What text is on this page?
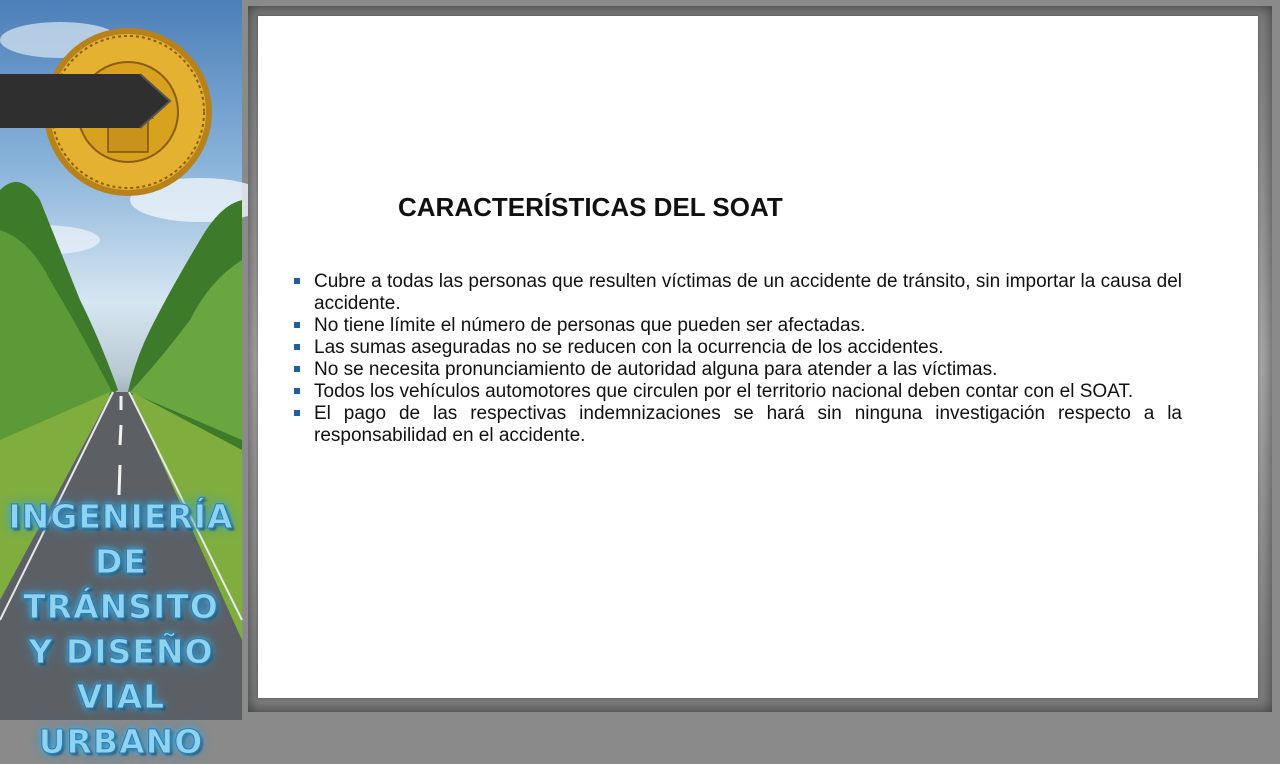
INGENIERÍA
DE TRÁNSITO
Y DISEÑO
VIAL
URBANO
CARACTERÍSTICAS DEL SOAT
Cubre a todas las personas que resulten víctimas de un accidente de tránsito, sin importar la causa del accidente.
No tiene límite el número de personas que pueden ser afectadas.
Las sumas aseguradas no se reducen con la ocurrencia de los accidentes.
No se necesita pronunciamiento de autoridad alguna para atender a las víctimas.
Todos los vehículos automotores que circulen por el territorio nacional deben contar con el SOAT.
El pago de las respectivas indemnizaciones se hará sin ninguna investigación respecto a la responsabilidad en el accidente.
